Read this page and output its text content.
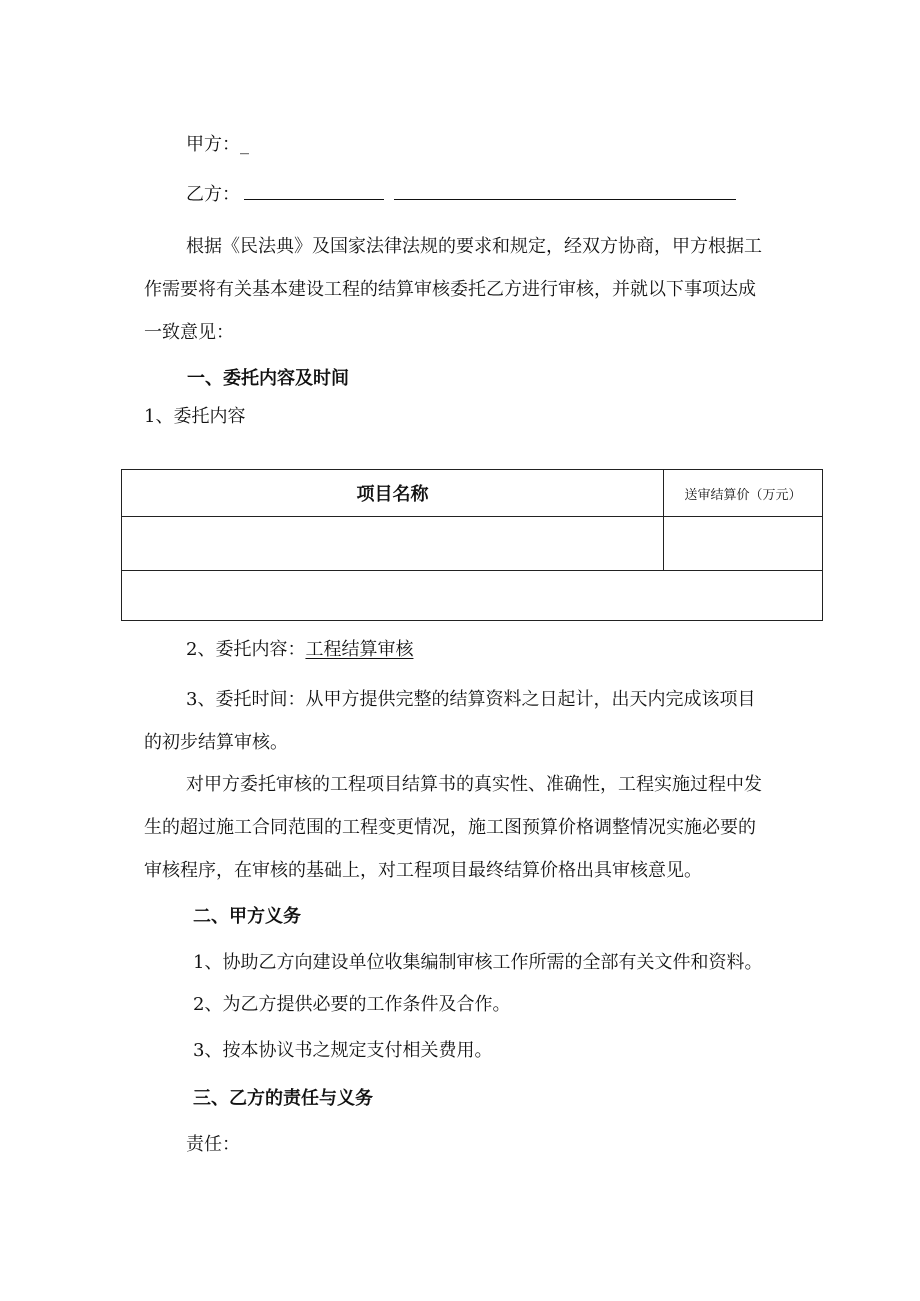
甲方：_
乙方：
根据《民法典》及国家法律法规的要求和规定，经双方协商，甲方根据工
作需要将有关基本建设工程的结算审核委托乙方进行审核，并就以下事项达成
一致意见：
一、委托内容及时间
1、委托内容
项目名称	送审结算价（万元）

2、委托内容：工程结算审核
3、委托时间：从甲方提供完整的结算资料之日起计，出天内完成该项目
的初步结算审核。
对甲方委托审核的工程项目结算书的真实性、准确性，工程实施过程中发
生的超过施工合同范围的工程变更情况，施工图预算价格调整情况实施必要的
审核程序，在审核的基础上，对工程项目最终结算价格出具审核意见。
二、甲方义务
1、协助乙方向建设单位收集编制审核工作所需的全部有关文件和资料。
2、为乙方提供必要的工作条件及合作。
3、按本协议书之规定支付相关费用。
三、乙方的责任与义务
责任：
